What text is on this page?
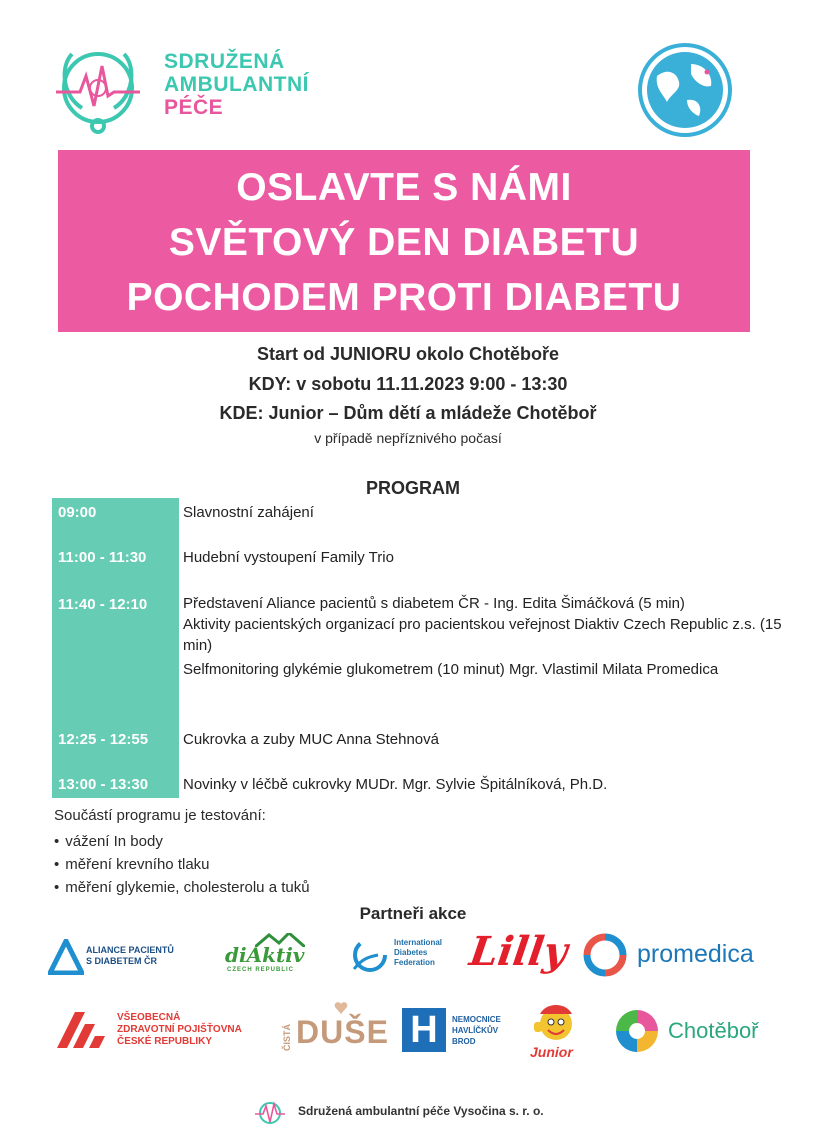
SDRUŽENÁ
AMBULANTNÍ
PÉČE
OSLAVTE S NÁMI
SVĚTOVÝ DEN DIABETU
POCHODEM PROTI DIABETU
Start od JUNIORU okolo Chotěboře
KDY: v sobotu 11.11.2023 9:00 - 13:30
KDE: Junior – Dům dětí a mládeže Chotěboř
v případě nepříznivého počasí
PROGRAM
09:00	Slavnostní zahájení
11:00 - 11:30 Hudební vystoupení Family Trio
11:40 - 12:10 Představení Aliance pacientů s diabetem ČR - Ing. Edita Šimáčková (5 min)
Aktivity pacientských organizací pro pacientskou veřejnost Diaktiv Czech Republic z.s. (15 min)
Selfmonitoring glykémie glukometrem (10 minut) Mgr. Vlastimil Milata Promedica
12:25 - 12:55 Cukrovka a zuby MUC Anna Stehnová
13:00 - 13:30 Novinky v léčbě cukrovky MUDr. Mgr. Sylvie Špitálníková, Ph.D.
Součástí programu je testování:
• vážení In body
• měření krevního tlaku
• měření glykemie, cholesterolu a tuků
Partneři akce
ALIANCE PACIENTŮ
S DIABETEM ČR	diAktiv
CZECH REPUBLIC
International
Diabetes
Federation Lilly	promedica
VŠEOBECNÁ
ZDRAVOTNÍ POJIŠŤOVNA
ČESKÉ REPUBLIKY	ČISTÁ DUŠE H	NEMOCNICE
HAVLÍČKŮV
BROD
Junior
Chotěboř
Sdružená ambulantní péče Vysočina s. r. o.
